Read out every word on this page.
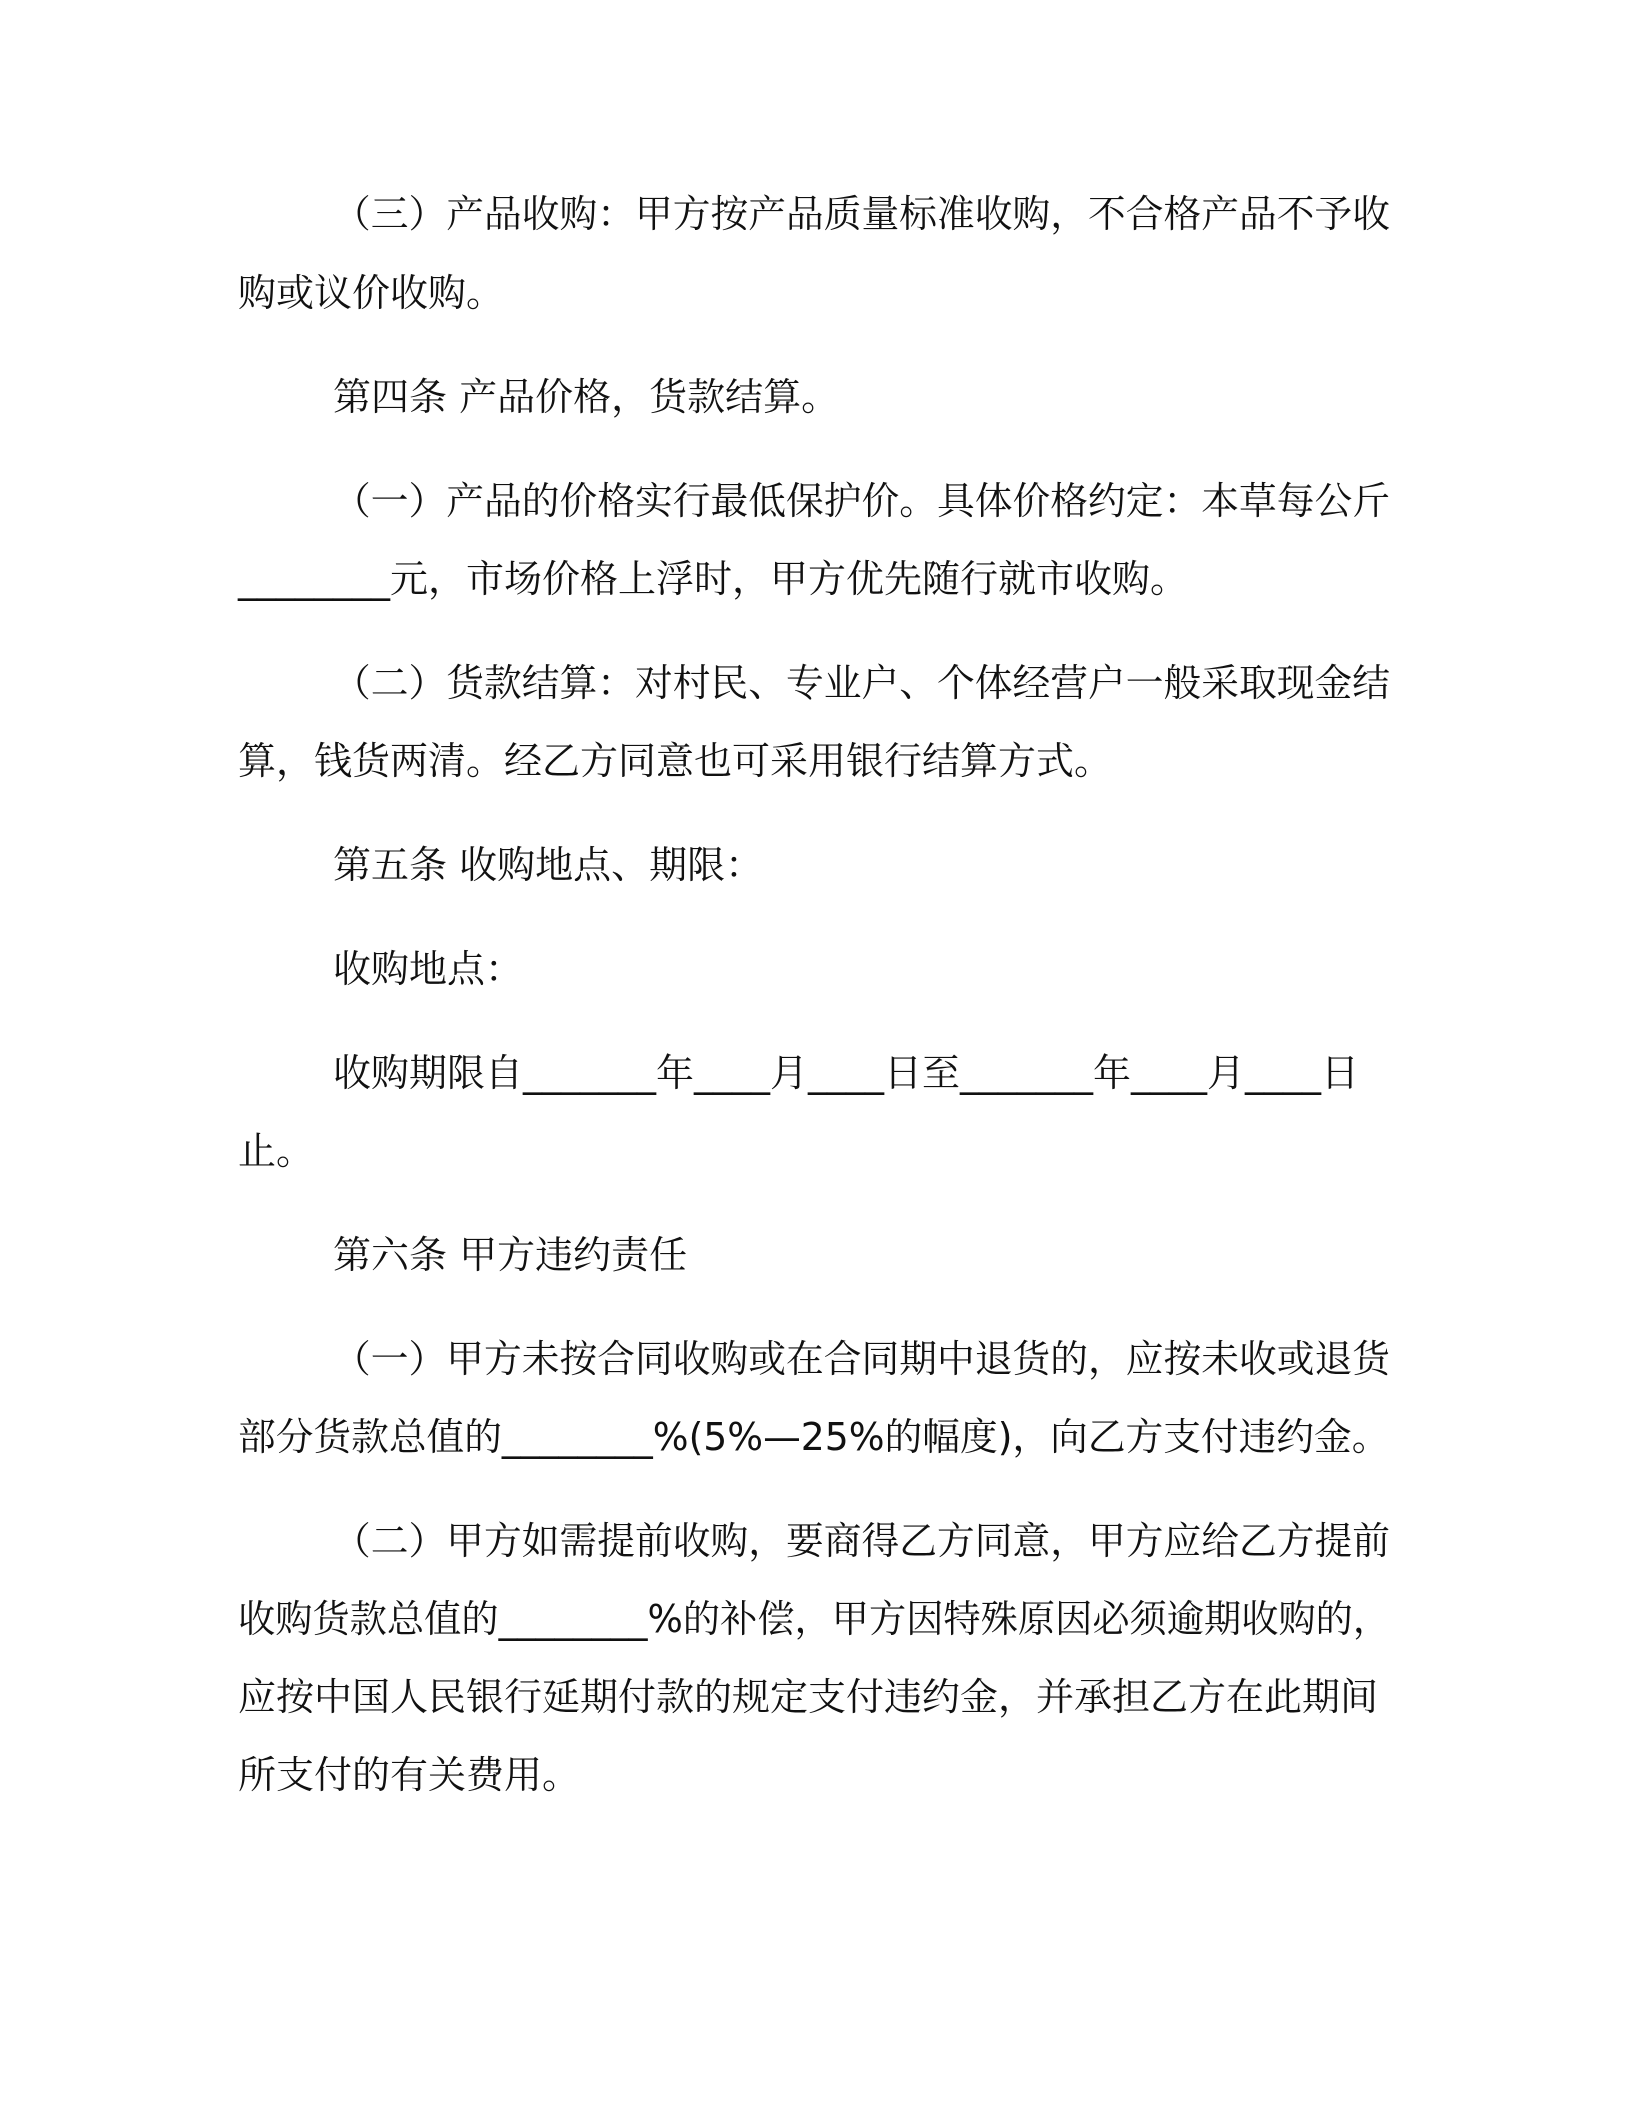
（三）产品收购：甲方按产品质量标准收购，不合格产品不予收
购或议价收购。
第四条 产品价格，货款结算。
（一）产品的价格实行最低保护价。具体价格约定：本草每公斤
________元，市场价格上浮时，甲方优先随行就市收购。
（二）货款结算：对村民、专业户、个体经营户一般采取现金结
算，钱货两清。经乙方同意也可采用银行结算方式。
第五条 收购地点、期限：
收购地点：
收购期限自_______年____月____日至_______年____月____日
止。
第六条 甲方违约责任
（一）甲方未按合同收购或在合同期中退货的，应按未收或退货
部分货款总值的________%(5%—25%的幅度)，向乙方支付违约金。
（二）甲方如需提前收购，要商得乙方同意，甲方应给乙方提前
收购货款总值的________%的补偿，甲方因特殊原因必须逾期收购的，
应按中国人民银行延期付款的规定支付违约金，并承担乙方在此期间
所支付的有关费用。
